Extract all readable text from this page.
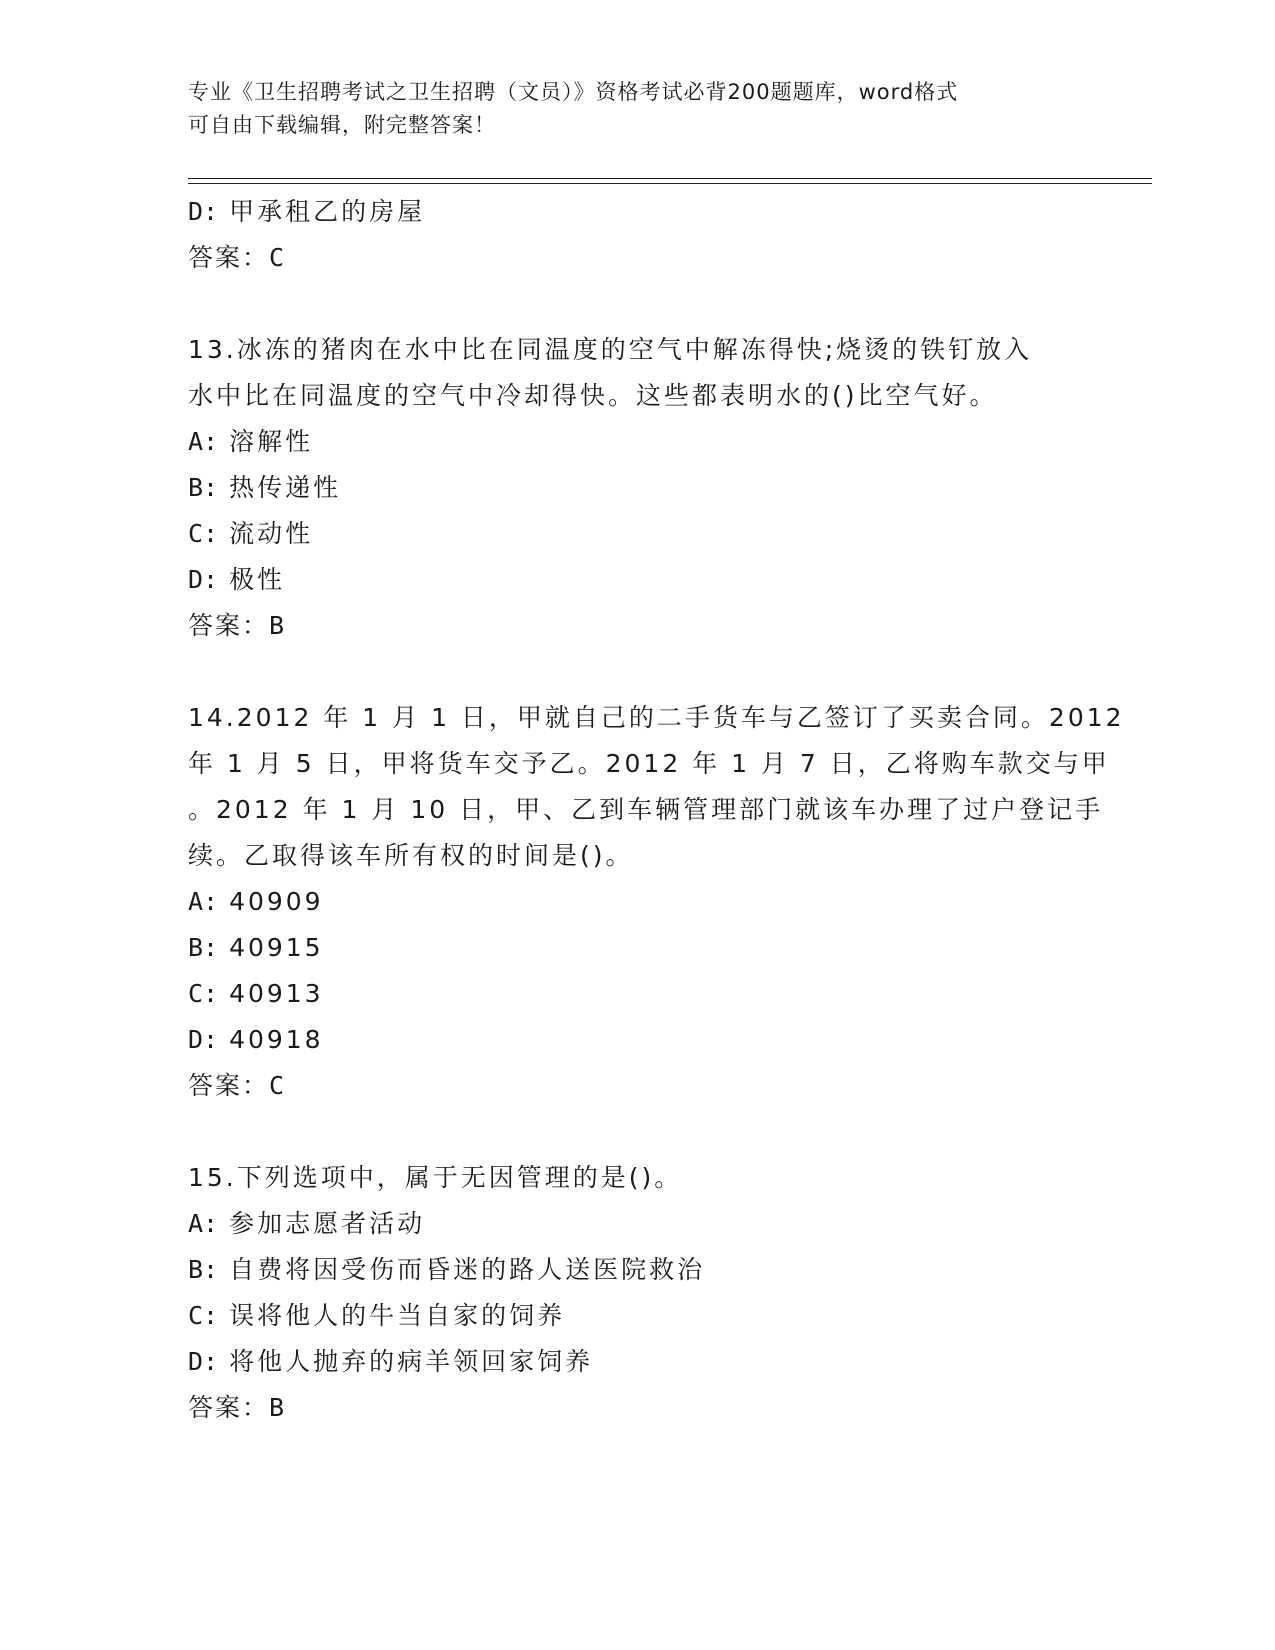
专业《卫生招聘考试之卫生招聘（文员）》资格考试必背200题题库，word格式
可自由下载编辑，附完整答案！
D: 甲承租乙的房屋
答案：C
13.冰冻的猪肉在水中比在同温度的空气中解冻得快;烧烫的铁钉放入
水中比在同温度的空气中冷却得快。这些都表明水的()比空气好。
A: 溶解性
B: 热传递性
C: 流动性
D: 极性
答案：B
14.2012 年 1 月 1 日，甲就自己的二手货车与乙签订了买卖合同。2012
年 1 月 5 日，甲将货车交予乙。2012 年 1 月 7 日，乙将购车款交与甲
。2012 年 1 月 10 日，甲、乙到车辆管理部门就该车办理了过户登记手
续。乙取得该车所有权的时间是()。
A: 40909
B: 40915
C: 40913
D: 40918
答案：C
15.下列选项中，属于无因管理的是()。
A: 参加志愿者活动
B: 自费将因受伤而昏迷的路人送医院救治
C: 误将他人的牛当自家的饲养
D: 将他人抛弃的病羊领回家饲养
答案：B
